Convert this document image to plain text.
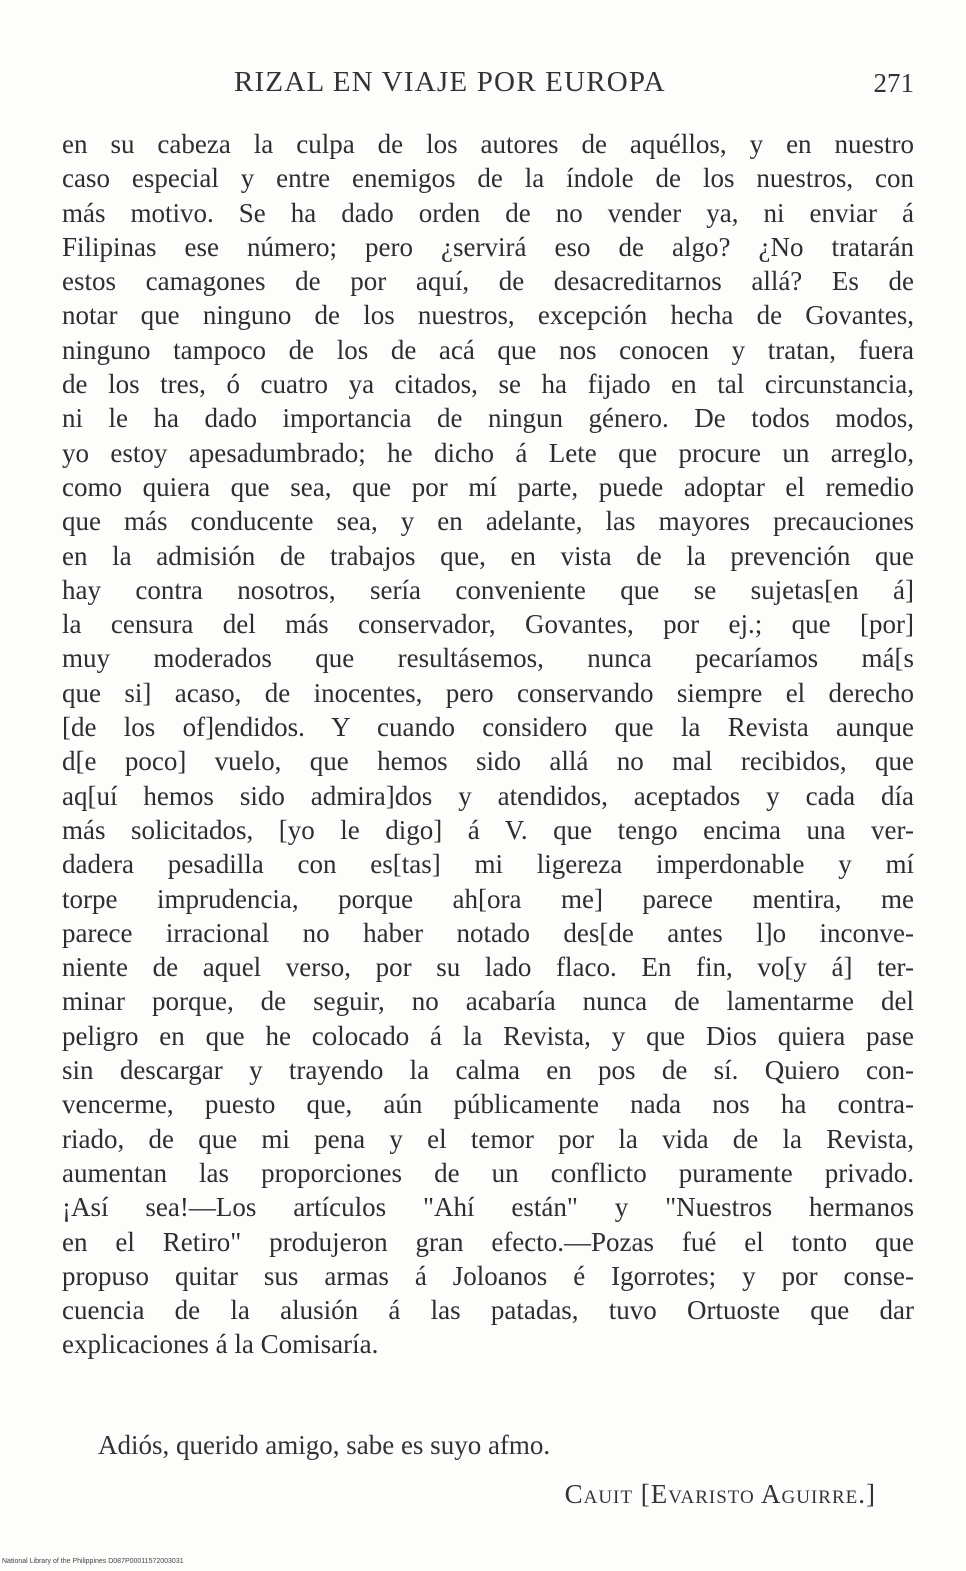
RIZAL EN VIAJE POR EUROPA	271
en su cabeza la culpa de los autores de aquéllos, y en nuestro
caso especial y entre enemigos de la índole de los nuestros, con
más motivo. Se ha dado orden de no vender ya, ni enviar á
Filipinas ese número; pero ¿servirá eso de algo? ¿No tratarán
estos camagones de por aquí, de desacreditarnos allá? Es de
notar que ninguno de los nuestros, excepción hecha de Govantes,
ninguno tampoco de los de acá que nos conocen y tratan, fuera
de los tres, ó cuatro ya citados, se ha fijado en tal circunstancia,
ni le ha dado importancia de ningun género. De todos modos,
yo estoy apesadumbrado; he dicho á Lete que procure un arreglo,
como quiera que sea, que por mí parte, puede adoptar el remedio
que más conducente sea, y en adelante, las mayores precauciones
en la admisión de trabajos que, en vista de la prevención que
hay contra nosotros, sería conveniente que se sujetas[en á]
la censura del más conservador, Govantes, por ej.; que [por]
muy moderados que resultásemos, nunca pecaríamos má[s
que si] acaso, de inocentes, pero conservando siempre el derecho
[de los of]endidos. Y cuando considero que la Revista aunque
d[e poco] vuelo, que hemos sido allá no mal recibidos, que
aq[uí hemos sido admira]dos y atendidos, aceptados y cada día
más solicitados, [yo le digo] á V. que tengo encima una ver-
dadera pesadilla con es[tas] mi ligereza imperdonable y mí
torpe imprudencia, porque ah[ora me] parece mentira, me
parece irracional no haber notado des[de antes l]o inconve-
niente de aquel verso, por su lado flaco. En fin, vo[y á] ter-
minar porque, de seguir, no acabaría nunca de lamentarme del
peligro en que he colocado á la Revista, y que Dios quiera pase
sin descargar y trayendo la calma en pos de sí. Quiero con-
vencerme, puesto que, aún públicamente nada nos ha contra-
riado, de que mi pena y el temor por la vida de la Revista,
aumentan las proporciones de un conflicto puramente privado.
¡Así sea!—Los artículos "Ahí están" y "Nuestros hermanos
en el Retiro" produjeron gran efecto.—Pozas fué el tonto que
propuso quitar sus armas á Joloanos é Igorrotes; y por conse-
cuencia de la alusión á las patadas, tuvo Ortuoste que dar
explicaciones á la Comisaría.
Adiós, querido amigo, sabe es suyo afmo.
Cauit [Evaristo Aguirre.]
National Library of the Philippines D087P00011572003031
